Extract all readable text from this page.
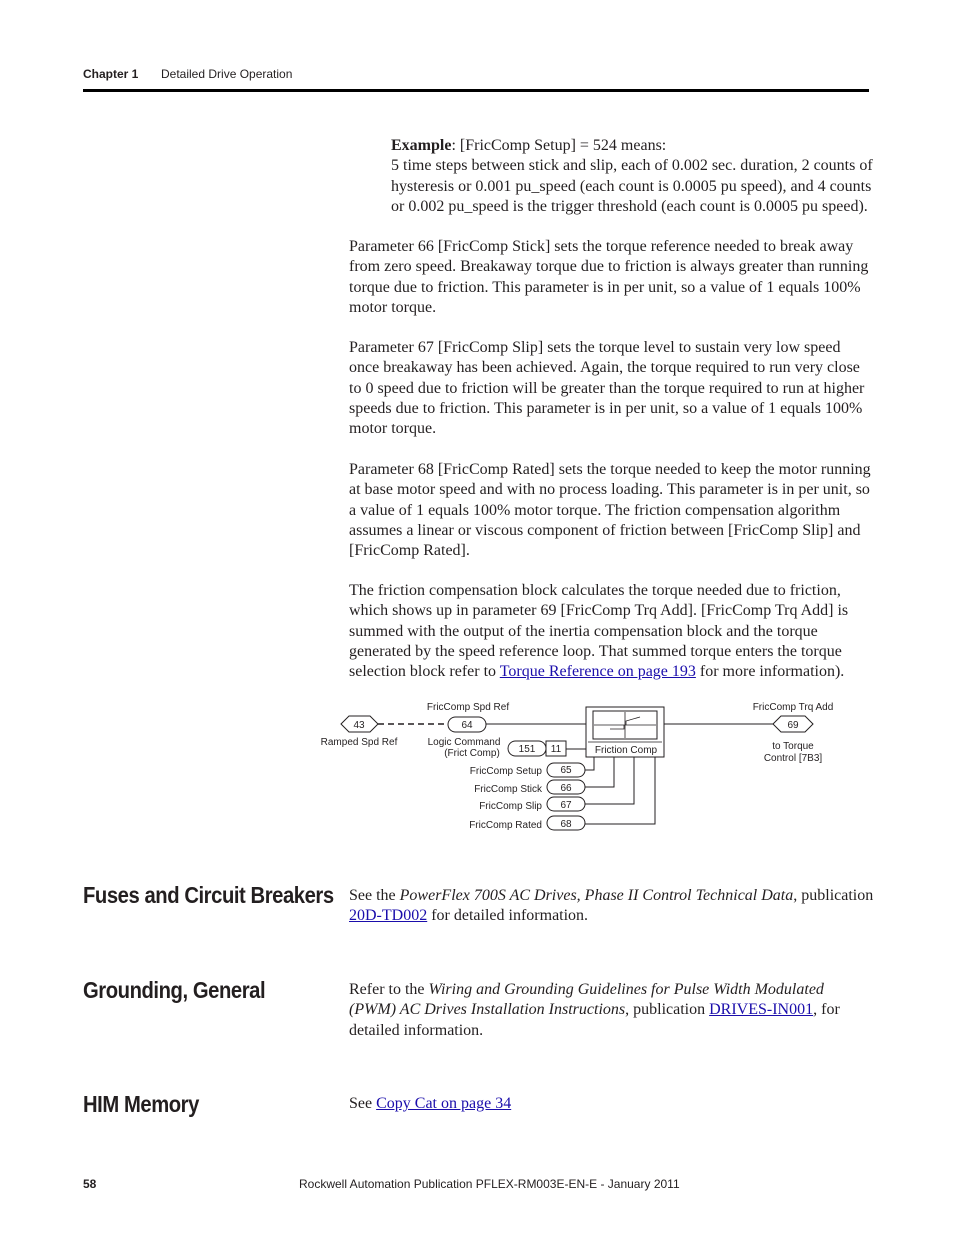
Chapter 1 Detailed Drive Operation
Example: [FricComp Setup] = 524 means:
5 time steps between stick and slip, each of 0.002 sec. duration, 2 counts of hysteresis or 0.001 pu_speed (each count is 0.0005 pu speed), and 4 counts or 0.002 pu_speed is the trigger threshold (each count is 0.0005 pu speed).
Parameter 66 [FricComp Stick] sets the torque reference needed to break away from zero speed. Breakaway torque due to friction is always greater than running torque due to friction. This parameter is in per unit, so a value of 1 equals 100% motor torque.
Parameter 67 [FricComp Slip] sets the torque level to sustain very low speed once breakaway has been achieved. Again, the torque required to run very close to 0 speed due to friction will be greater than the torque required to run at higher speeds due to friction. This parameter is in per unit, so a value of 1 equals 100% motor torque.
Parameter 68 [FricComp Rated] sets the torque needed to keep the motor running at base motor speed and with no process loading. This parameter is in per unit, so a value of 1 equals 100% motor torque. The friction compensation algorithm assumes a linear or viscous component of friction between [FricComp Slip] and [FricComp Rated].
The friction compensation block calculates the torque needed due to friction, which shows up in parameter 69 [FricComp Trq Add]. [FricComp Trq Add] is summed with the output of the inertia compensation block and the torque generated by the speed reference loop. That summed torque enters the torque selection block refer to Torque Reference on page 193 for more information).
FricComp Spd Ref
43
Ramped Spd Ref
64
Logic Command
(Frict Comp) 151 11	Friction Comp
FricComp Trq Add
69
to Torque
Control [7B3]
FricComp Setup 65
FricComp Stick 66
FricComp Slip 67
FricComp Rated 68
Fuses and Circuit Breakers See the PowerFlex 700S AC Drives, Phase II Control Technical Data, publication 20D-TD002 for detailed information.
Grounding, General	Refer to the Wiring and Grounding Guidelines for Pulse Width Modulated (PWM) AC Drives Installation Instructions, publication DRIVES-IN001, for detailed information.
HIM Memory	See Copy Cat on page 34
58	Rockwell Automation Publication PFLEX-RM003E-EN-E - January 2011
